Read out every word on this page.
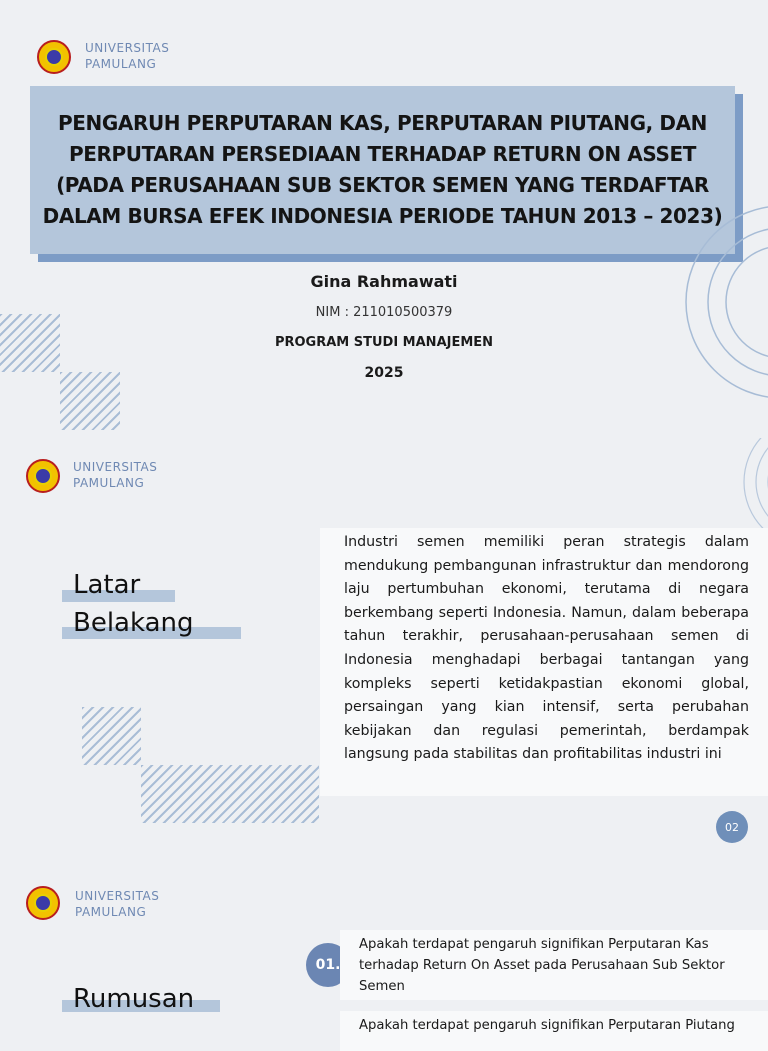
UNIVERSITAS
PAMULANG
PENGARUH PERPUTARAN KAS, PERPUTARAN PIUTANG, DAN
PERPUTARAN PERSEDIAAN TERHADAP RETURN ON ASSET
(PADA PERUSAHAAN SUB SEKTOR SEMEN YANG TERDAFTAR
DALAM BURSA EFEK INDONESIA PERIODE TAHUN 2013 – 2023)
Gina Rahmawati
NIM : 211010500379
PROGRAM STUDI MANAJEMEN
2025
UNIVERSITAS
PAMULANG
Latar
Belakang
Industri semen memiliki peran strategis dalam mendukung pembangunan infrastruktur dan mendorong laju pertumbuhan ekonomi, terutama di negara berkembang seperti Indonesia. Namun, dalam beberapa tahun terakhir, perusahaan-perusahaan semen di Indonesia menghadapi berbagai tantangan yang kompleks seperti ketidakpastian ekonomi global, persaingan yang kian intensif, serta perubahan kebijakan dan regulasi pemerintah, berdampak langsung pada stabilitas dan profitabilitas industri ini
02
UNIVERSITAS
PAMULANG
Rumusan
01.
Apakah terdapat pengaruh signifikan Perputaran Kas terhadap Return On Asset pada Perusahaan Sub Sektor Semen
Apakah terdapat pengaruh signifikan Perputaran Piutang
